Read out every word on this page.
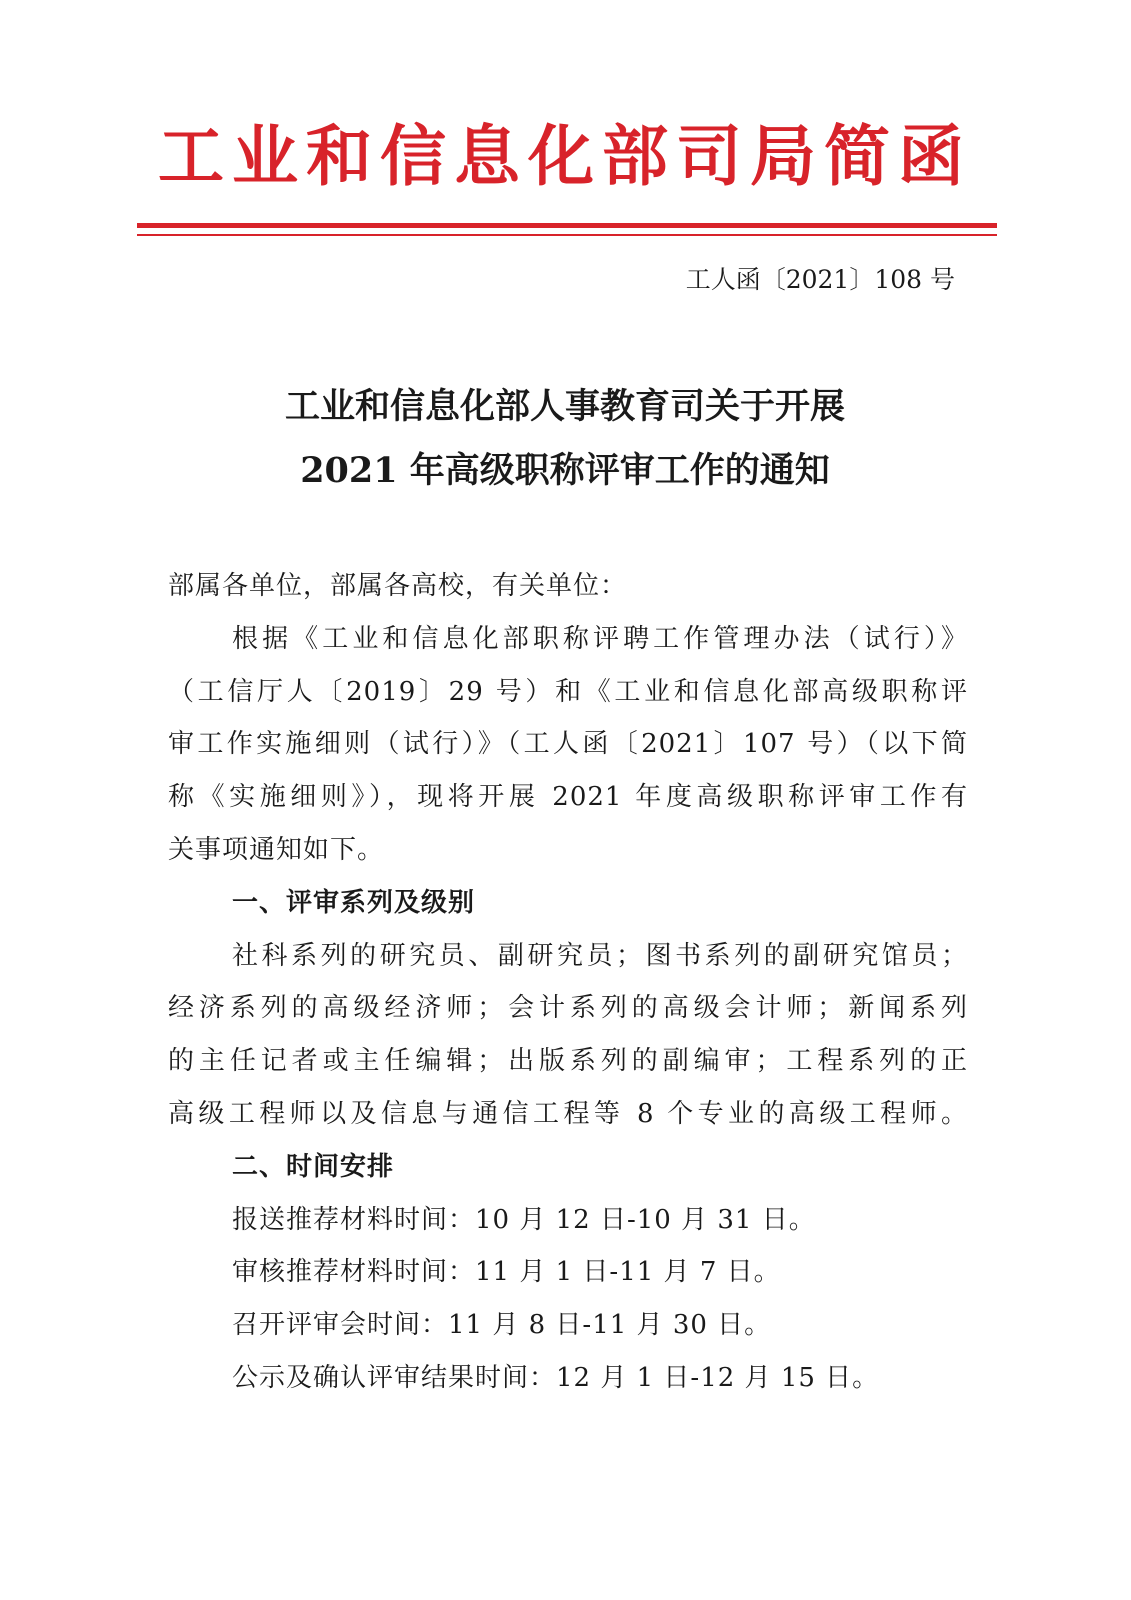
工业和信息化部司局简函
工人函〔2021〕108 号
工业和信息化部人事教育司关于开展
2021 年高级职称评审工作的通知
部属各单位，部属各高校，有关单位：
根据《工业和信息化部职称评聘工作管理办法（试行）》
（工信厅人〔2019〕29 号）和《工业和信息化部高级职称评
审工作实施细则（试行）》（工人函〔2021〕107 号）（以下简
称《实施细则》），现将开展 2021 年度高级职称评审工作有
关事项通知如下。
一、评审系列及级别
社科系列的研究员、副研究员；图书系列的副研究馆员；
经济系列的高级经济师；会计系列的高级会计师；新闻系列
的主任记者或主任编辑；出版系列的副编审；工程系列的正
高级工程师以及信息与通信工程等 8 个专业的高级工程师。
二、时间安排
报送推荐材料时间：10 月 12 日-10 月 31 日。
审核推荐材料时间：11 月 1 日-11 月 7 日。
召开评审会时间：11 月 8 日-11 月 30 日。
公示及确认评审结果时间：12 月 1 日-12 月 15 日。
